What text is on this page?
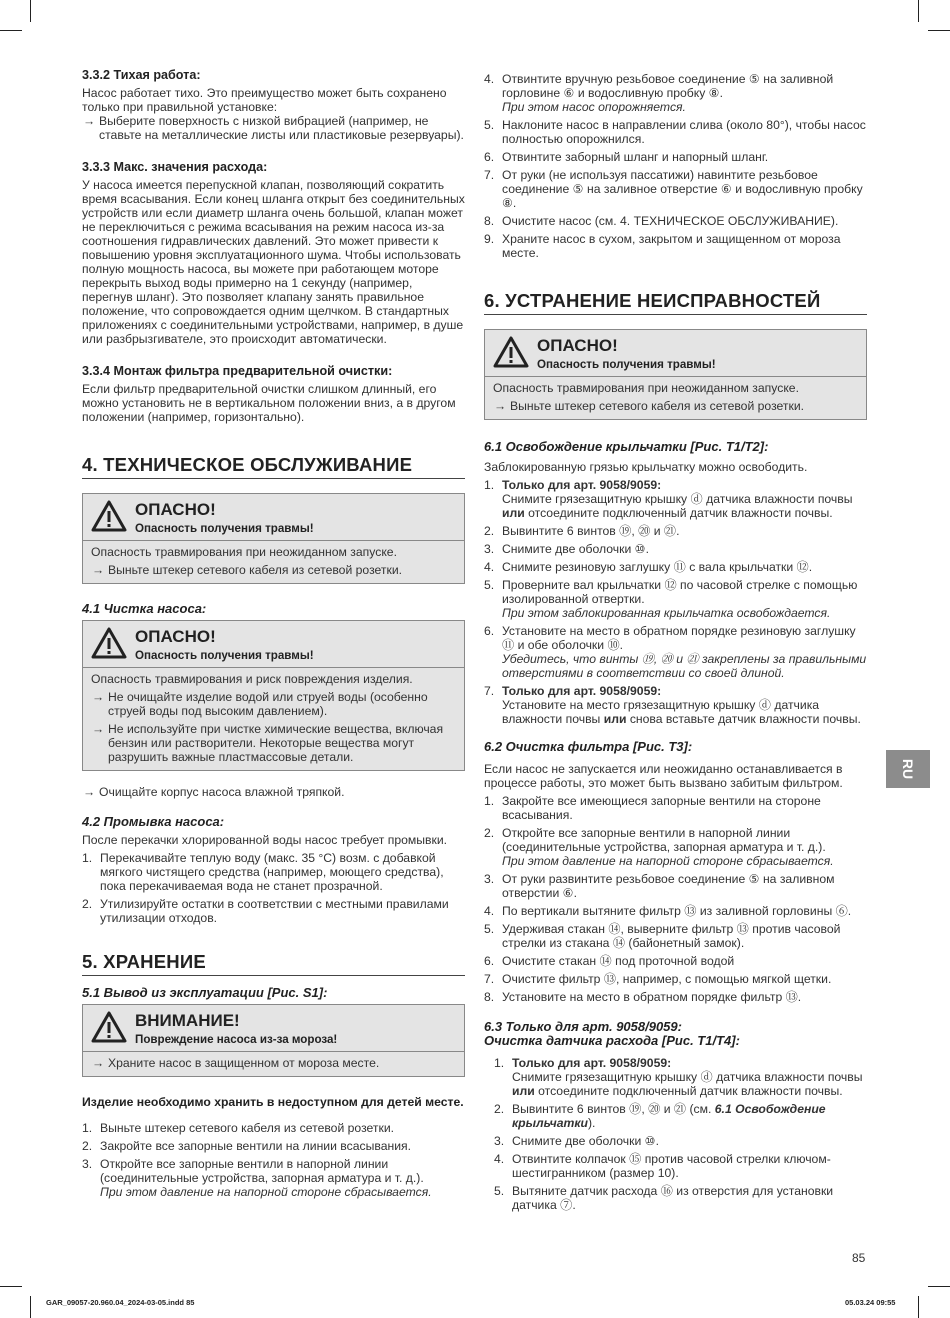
3.3.2 Тихая работа:

Насос работает тихо. Это преимущество может быть сохранено только при правильной установке:

→ Выберите поверхность с низкой вибрацией (например, не ставьте на металлические листы или пластиковые резервуары).

3.3.3 Макс. значения расхода:

У насоса имеется перепускной клапан, позволяющий сократить время всасывания. Если конец шланга открыт без соединительных устройств или если диаметр шланга очень большой, клапан может не переключиться с режима всасывания на режим насоса из-за соотношения гидравлических давлений. Это может привести к повышению уровня эксплуатационного шума. Чтобы использовать полную мощность насоса, вы можете при работающем моторе перекрыть выход воды примерно на 1 секунду (например, перегнув шланг). Это позволяет клапану занять правильное положение, что сопровождается одним щелчком. В стандартных приложениях с соединительными устройствами, например, в душе или разбрызгивателе, это происходит автоматически.

3.3.4 Монтаж фильтра предварительной очистки:

Если фильтр предварительной очистки слишком длинный, его можно установить не в вертикальном положении вниз, а в другом положении (например, горизонтально).

4. ТЕХНИЧЕСКОЕ ОБСЛУЖИВАНИЕ
ОПАСНО!
Опасность получения травмы!

Опасность травмирования при неожиданном запуске.

→ Выньте штекер сетевого кабеля из сетевой розетки.

4.1 Чистка насоса:
ОПАСНО!
Опасность получения травмы!

Опасность травмирования и риск повреждения изделия.

→ Не очищайте изделие водой или струей воды (особенно струей воды под высоким давлением).

→ Не используйте при чистке химические вещества, включая бензин или растворители. Некоторые вещества могут разрушить важные пластмассовые детали.

→ Очищайте корпус насоса влажной тряпкой.

4.2 Промывка насоса:

После перекачки хлорированной воды насос требует промывки.

1. Перекачивайте теплую воду (макс. 35 °C) возм. с добавкой мягкого чистящего средства (например, моющего средства), пока перекачиваемая вода не станет прозрачной.
2. Утилизируйте остатки в соответствии с местными правилами утилизации отходов.
5. ХРАНЕНИЕ
5.1 Вывод из эксплуатации [Рис. S1]:
ВНИМАНИЕ!
Повреждение насоса из-за мороза!

→ Храните насос в защищенном от мороза месте.

Изделие необходимо хранить в недоступном для детей месте.

1. Выньте штекер сетевого кабеля из сетевой розетки.
2. Закройте все запорные вентили на линии всасывания.
3. Откройте все запорные вентили в напорной линии (соединительные устройства, запорная арматура и т. д.).
При этом давление на напорной стороне сбрасывается.
4. Отвинтите вручную резьбовое соединение ⑤ на заливной горловине ⑥ и водосливную пробку ⑧.
При этом насос опорожняется.
5. Наклоните насос в направлении слива (около 80°), чтобы насос полностью опорожнился.
6. Отвинтите заборный шланг и напорный шланг.
7. От руки (не используя пассатижи) навинтите резьбовое соединение ⑤ на заливное отверстие ⑥ и водосливную пробку ⑧.
8. Очистите насос (см. 4. ТЕХНИЧЕСКОЕ ОБСЛУЖИВАНИЕ).
9. Храните насос в сухом, закрытом и защищенном от мороза месте.
6. УСТРАНЕНИЕ НЕИСПРАВНОСТЕЙ
ОПАСНО!
Опасность получения травмы!

Опасность травмирования при неожиданном запуске.

→ Выньте штекер сетевого кабеля из сетевой розетки.

6.1 Освобождение крыльчатки [Рис. T1/T2]:

Заблокированную грязью крыльчатку можно освободить.

1. Только для арт. 9058/9059:
Снимите грязезащитную крышку ⓓ датчика влажности почвы или отсоедините подключенный датчик влажности почвы.
2. Вывинтите 6 винтов ⑲, ⑳ и ㉑.
3. Снимите две оболочки ⑩.
4. Снимите резиновую заглушку ⑪ с вала крыльчатки ⑫.
5. Проверните вал крыльчатки ⑫ по часовой стрелке с помощью изолированной отвертки.
При этом заблокированная крыльчатка освобождается.
6. Установите на место в обратном порядке резиновую заглушку ⑪ и обе оболочки ⑩.
Убедитесь, что винты ⑲, ⑳ и ㉑ закреплены за правильными отверстиями в соответствии со своей длиной.
7. Только для арт. 9058/9059:
Установите на место грязезащитную крышку ⓓ датчика влажности почвы или снова вставьте датчик влажности почвы.
6.2 Очистка фильтра [Рис. T3]:

Если насос не запускается или неожиданно останавливается в процессе работы, это может быть вызвано забитым фильтром.

1. Закройте все имеющиеся запорные вентили на стороне всасывания.
2. Откройте все запорные вентили в напорной линии (соединительные устройства, запорная арматура и т. д.).
При этом давление на напорной стороне сбрасывается.
3. От руки развинтите резьбовое соединение ⑤ на заливном отверстии ⑥.
4. По вертикали вытяните фильтр ⑬ из заливной горловины ⑥.
5. Удерживая стакан ⑭, выверните фильтр ⑬ против часовой стрелки из стакана ⑭ (байонетный замок).
6. Очистите стакан ⑭ под проточной водой
7. Очистите фильтр ⑬, например, с помощью мягкой щетки.
8. Установите на место в обратном порядке фильтр ⑬.
6.3 Только для арт. 9058/9059:
Очистка датчика расхода [Рис. T1/T4]:
1. Только для арт. 9058/9059:
Снимите грязезащитную крышку ⓓ датчика влажности почвы или отсоедините подключенный датчик влажности почвы.
2. Вывинтите 6 винтов ⑲, ⑳ и ㉑ (см. 6.1 Освобождение крыльчатки).
3. Снимите две оболочки ⑩.
4. Отвинтите колпачок ⑮ против часовой стрелки ключом-шестигранником (размер 10).
5. Вытяните датчик расхода ⑯ из отверстия для установки датчика ⑦.
RU
85
GAR_09057-20.960.04_2024-03-05.indd 85	05.03.24 09:55
